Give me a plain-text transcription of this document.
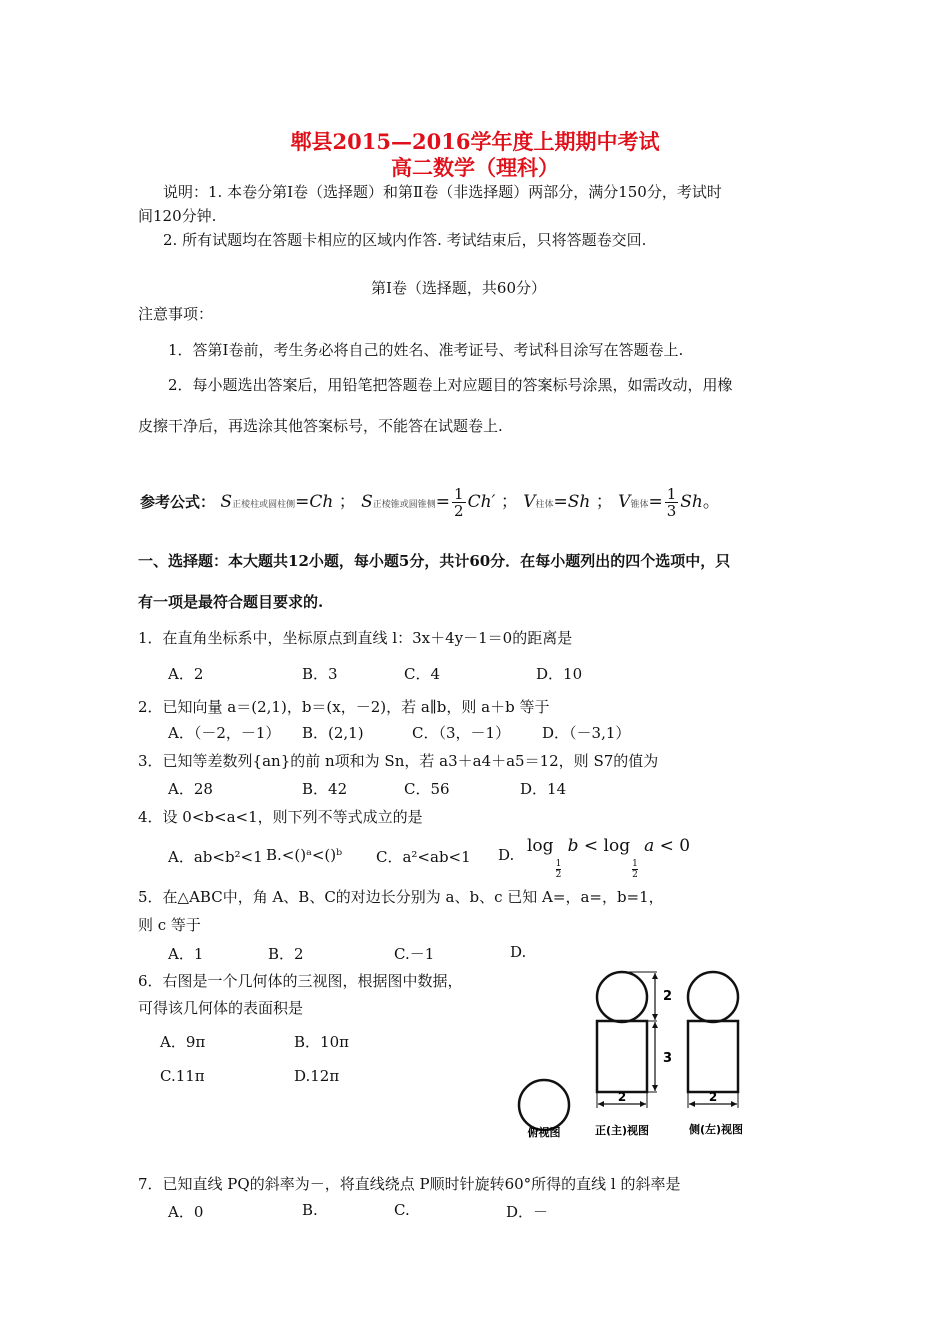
郫县2015—2016学年度上期期中考试
高二数学（理科）
说明：1. 本卷分第Ⅰ卷（选择题）和第Ⅱ卷（非选择题）两部分，满分150分，考试时
间120分钟.
2. 所有试题均在答题卡相应的区域内作答. 考试结束后，只将答题卷交回.
第Ⅰ卷（选择题，共60分）
注意事项：
1．答第Ⅰ卷前，考生务必将自己的姓名、准考证号、考试科目涂写在答题卷上.
2．每小题选出答案后，用铅笔把答题卷上对应题目的答案标号涂黑，如需改动，用橡
皮擦干净后，再选涂其他答案标号，不能答在试题卷上.
参考公式： S正棱柱或圆柱侧=Ch ； S正棱锥或圆锥侧= $\frac{1}{2} Ch'$ ； V柱体=Sh ； V锥体= $\frac{1}{3}$ Sh。
一、选择题：本大题共12小题，每小题5分，共计60分．在每小题列出的四个选项中，只
有一项是最符合题目要求的.
1．在直角坐标系中，坐标原点到直线 l：3x＋4y－1＝0的距离是
A．2	B．3	C．4	D．10
2．已知向量 a＝(2,1)，b＝(x，－2)，若 a∥b，则 a＋b 等于
A．（－2，－1） B．(2,1)	C．（3，－1） D．（－3,1）
3．已知等差数列{an}的前 n项和为 Sn，若 a3＋a4＋a5＝12，则 S7的值为
A．28	B．42	C．56	D．14
4．设 0<b<a<1，则下列不等式成立的是
A．ab<b²<1 B.<()ᵃ<()ᵇ C．a²<ab<1 D. log
$\frac{1}{2}$
b < log
$\frac{1}{2}$
a < 0
5．在△ABC中，角 A、B、C的对边长分别为 a、b、c 已知 A=，a=，b=1，
则 c 等于
A．1	B．2	C.－1	D.
6．右图是一个几何体的三视图，根据图中数据，
可得该几何体的表面积是
A．9π	B．10π
C.11π	D.12π
俯视图
2
3
2
正(主)视图
2
侧(左)视图
7．已知直线 PQ的斜率为－，将直线绕点 P顺时针旋转60°所得的直线 l 的斜率是
A．0	B.	C.	D．－
